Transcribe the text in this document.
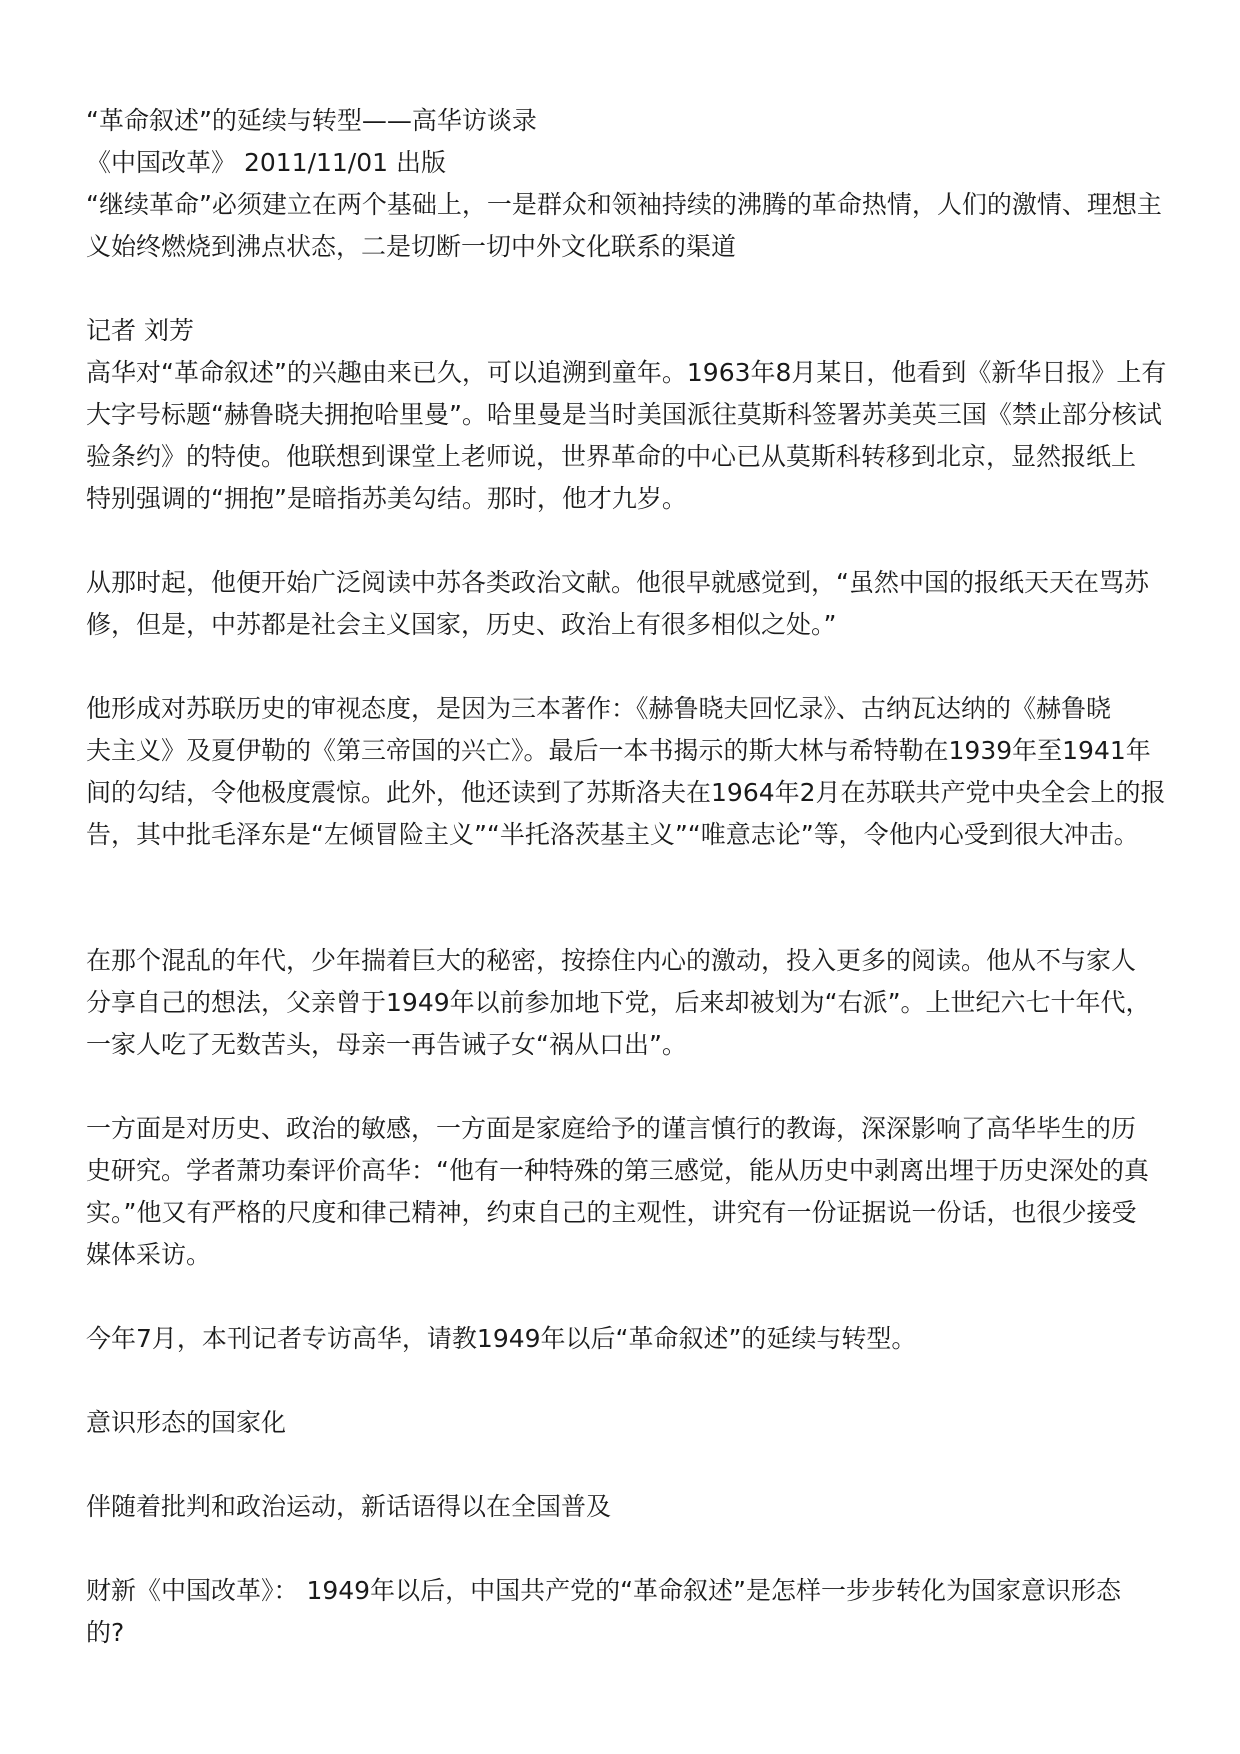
“革命叙述”的延续与转型——高华访谈录

《中国改革》 2011/11/01 出版

“继续革命”必须建立在两个基础上，一是群众和领袖持续的沸腾的革命热情，人们的激情、理想主

义始终燃烧到沸点状态，二是切断一切中外文化联系的渠道

记者 刘芳

高华对“革命叙述”的兴趣由来已久，可以追溯到童年。1963年8月某日，他看到《新华日报》上有

大字号标题“赫鲁晓夫拥抱哈里曼”。哈里曼是当时美国派往莫斯科签署苏美英三国《禁止部分核试

验条约》的特使。他联想到课堂上老师说，世界革命的中心已从莫斯科转移到北京，显然报纸上

特别强调的“拥抱”是暗指苏美勾结。那时，他才九岁。

从那时起，他便开始广泛阅读中苏各类政治文献。他很早就感觉到，“虽然中国的报纸天天在骂苏

修，但是，中苏都是社会主义国家，历史、政治上有很多相似之处。”

他形成对苏联历史的审视态度，是因为三本著作：《赫鲁晓夫回忆录》、古纳瓦达纳的《赫鲁晓

夫主义》及夏伊勒的《第三帝国的兴亡》。最后一本书揭示的斯大林与希特勒在1939年至1941年

间的勾结，令他极度震惊。此外，他还读到了苏斯洛夫在1964年2月在苏联共产党中央全会上的报

告，其中批毛泽东是“左倾冒险主义”“半托洛茨基主义”“唯意志论”等，令他内心受到很大冲击。

在那个混乱的年代，少年揣着巨大的秘密，按捺住内心的激动，投入更多的阅读。他从不与家人

分享自己的想法，父亲曾于1949年以前参加地下党，后来却被划为“右派”。上世纪六七十年代，

一家人吃了无数苦头，母亲一再告诫子女“祸从口出”。

一方面是对历史、政治的敏感，一方面是家庭给予的谨言慎行的教诲，深深影响了高华毕生的历

史研究。学者萧功秦评价高华：“他有一种特殊的第三感觉，能从历史中剥离出埋于历史深处的真

实。”他又有严格的尺度和律己精神，约束自己的主观性，讲究有一份证据说一份话，也很少接受

媒体采访。

今年7月，本刊记者专访高华，请教1949年以后“革命叙述”的延续与转型。

意识形态的国家化

伴随着批判和政治运动，新话语得以在全国普及

财新《中国改革》： 1949年以后，中国共产党的“革命叙述”是怎样一步步转化为国家意识形态

的?
